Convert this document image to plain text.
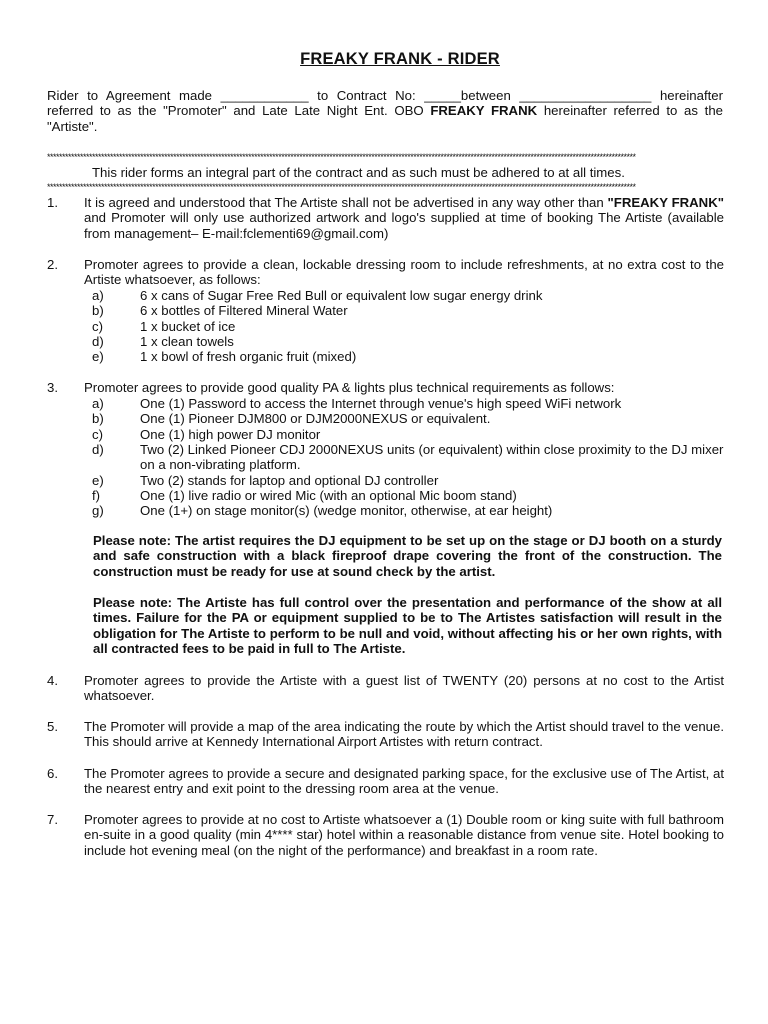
FREAKY FRANK - RIDER
Rider to Agreement made ____________ to Contract No: _____between __________________ hereinafter referred to as the "Promoter" and Late Late Night Ent. OBO FREAKY FRANK hereinafter referred to as the "Artiste".
****************************************************************************************************************************************************************************************************
This rider forms an integral part of the contract and as such must be adhered to at all times.
****************************************************************************************************************************************************************************************************
1.	It is agreed and understood that The Artiste shall not be advertised in any way other than "FREAKY FRANK" and Promoter will only use authorized artwork and logo's supplied at time of booking The Artiste (available from management– E-mail:fclementi69@gmail.com)
2.	Promoter agrees to provide a clean, lockable dressing room to include refreshments, at no extra cost to the Artiste whatsoever, as follows:
a)	6 x cans of Sugar Free Red Bull or equivalent low sugar energy drink
b)	6 x bottles of Filtered Mineral Water
c)	1 x bucket of ice
d)	1 x clean towels
e)	1 x bowl of fresh organic fruit (mixed)
3.	Promoter agrees to provide good quality PA & lights plus technical requirements as follows:
a)	One (1) Password to access the Internet through venue's high speed WiFi network
b)	One (1) Pioneer DJM800 or DJM2000NEXUS or equivalent.
c)	One (1) high power DJ monitor
d)	Two (2) Linked Pioneer CDJ 2000NEXUS units (or equivalent) within close proximity to the DJ mixer on a non-vibrating platform.
e)	Two (2) stands for laptop and optional DJ controller
f)	One (1) live radio or wired Mic (with an optional Mic boom stand)
g)	One (1+) on stage monitor(s) (wedge monitor, otherwise, at ear height)
Please note: The artist requires the DJ equipment to be set up on the stage or DJ booth on a sturdy and safe construction with a black fireproof drape covering the front of the construction. The construction must be ready for use at sound check by the artist.
Please note: The Artiste has full control over the presentation and performance of the show at all times. Failure for the PA or equipment supplied to be to The Artistes satisfaction will result in the obligation for The Artiste to perform to be null and void, without affecting his or her own rights, with all contracted fees to be paid in full to The Artiste.
4.	Promoter agrees to provide the Artiste with a guest list of TWENTY (20) persons at no cost to the Artist whatsoever.
5.	The Promoter will provide a map of the area indicating the route by which the Artist should travel to the venue. This should arrive at Kennedy International Airport Artistes with return contract.
6.	The Promoter agrees to provide a secure and designated parking space, for the exclusive use of The Artist, at the nearest entry and exit point to the dressing room area at the venue.
7.	Promoter agrees to provide at no cost to Artiste whatsoever a (1) Double room or king suite with full bathroom en-suite in a good quality (min 4**** star) hotel within a reasonable distance from venue site. Hotel booking to include hot evening meal (on the night of the performance) and breakfast in a room rate.
